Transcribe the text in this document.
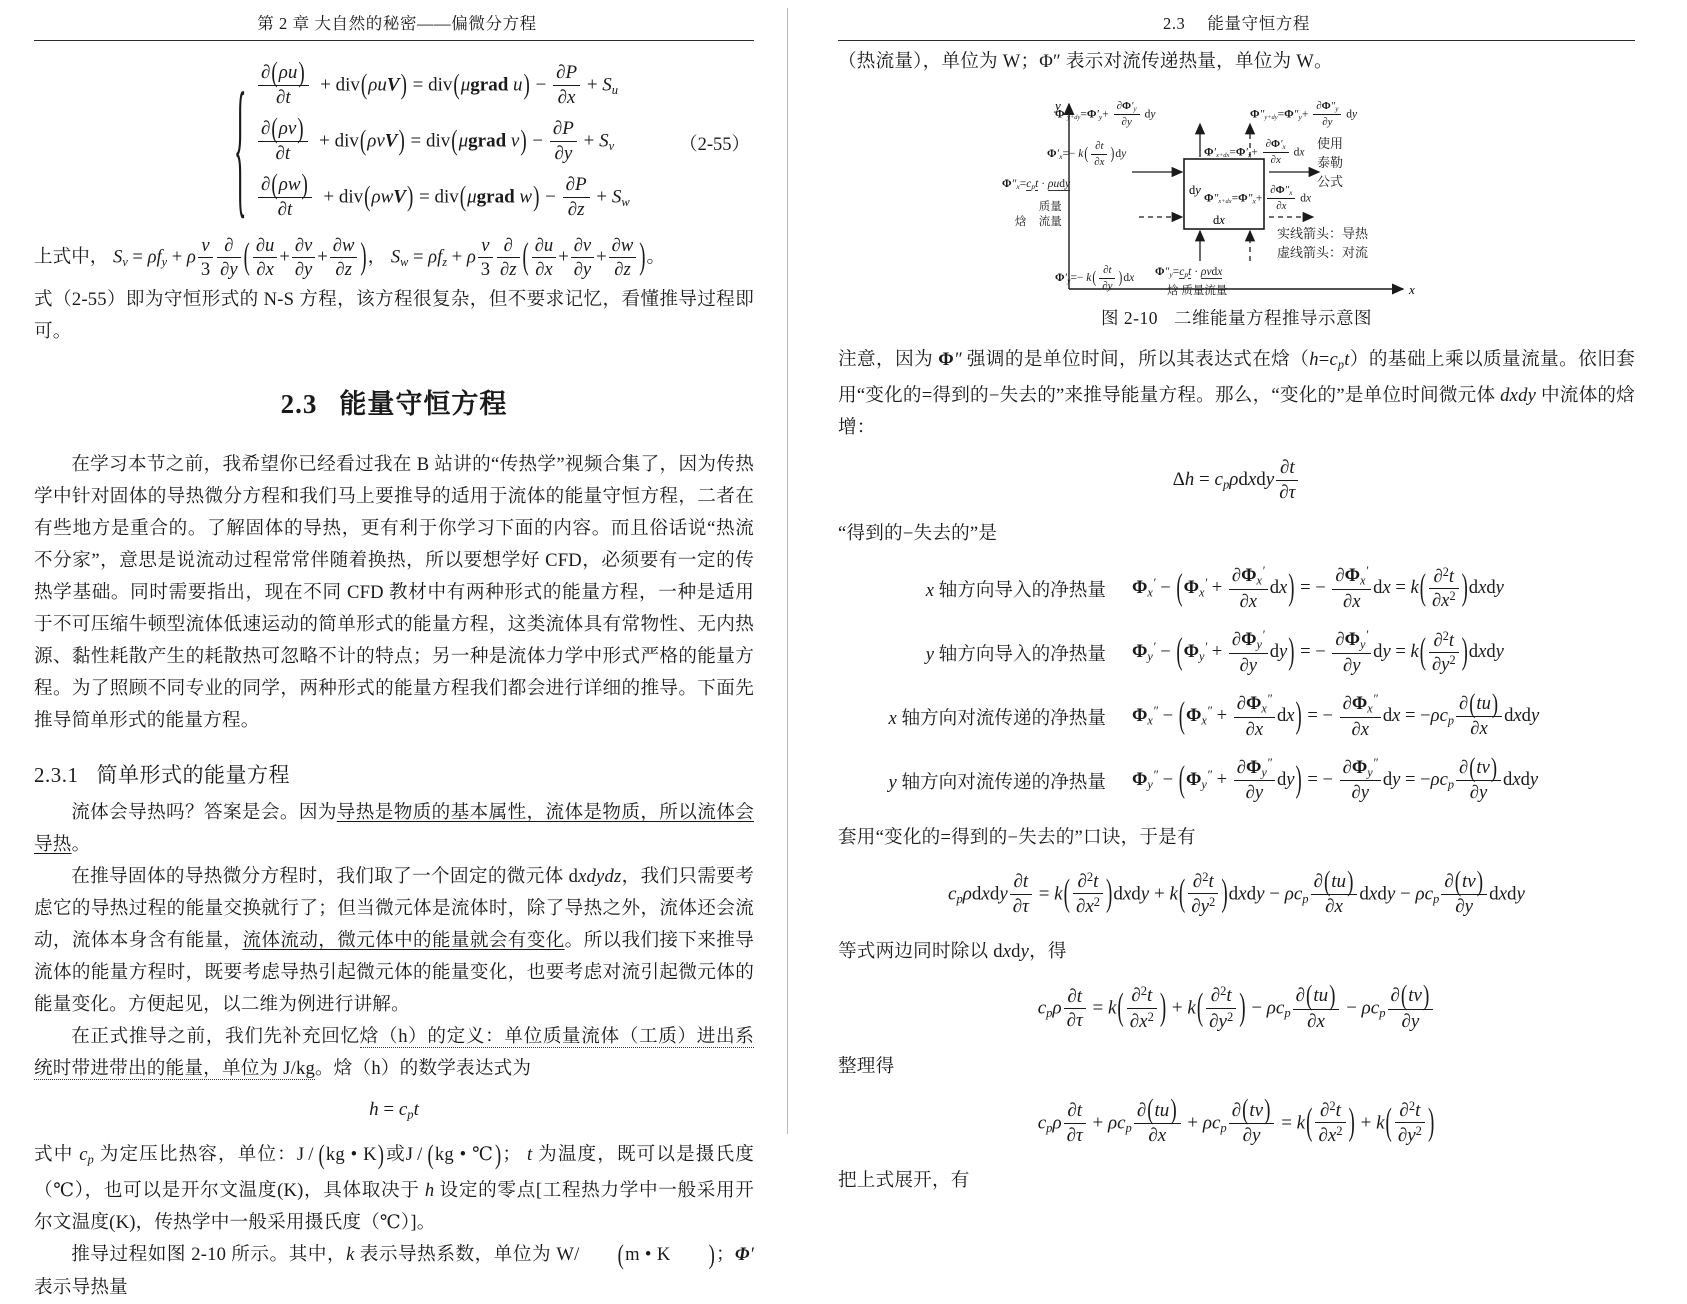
第 2 章 大自然的秘密——偏微分方程
{ $\frac{\partial(\rho u)}{\partial t} + div(\rho uV)$ = div(μgrad $u) - \frac{\partial P}{\partial x} + S_u$
$\frac{\partial(\rho v)}{\partial t} + div(\rho vV)$ = div(μgrad $v) - \frac{\partial P}{\partial y} + S_v$
$\frac{\partial(\rho w)}{\partial t} + div(\rho wV)$ = div(μgrad $w) - \frac{\partial P}{\partial z} + S_w$
（2-55）
上式中， $S_v = \rho f_y + \rho \frac{\nu}{3} \frac{\partial}{\partial y}$ ( $\frac{\partial u}{\partial x} + \frac{\partial v}{\partial y} + \frac{\partial w}{\partial z}$ )， $S_w = \rho f_z + \rho \frac{\nu}{3} \frac{\partial}{\partial z}$ ( $\frac{\partial u}{\partial x} + \frac{\partial v}{\partial y} + \frac{\partial w}{\partial z}$ )。

式（2-55）即为守恒形式的 N-S 方程，该方程很复杂，但不要求记忆，看懂推导过程即可。

2.3 能量守恒方程

在学习本节之前，我希望你已经看过我在 B 站讲的“传热学”视频合集了，因为传热学中针对固体的导热微分方程和我们马上要推导的适用于流体的能量守恒方程，二者在有些地方是重合的。了解固体的导热，更有利于你学习下面的内容。而且俗话说“热流不分家”，意思是说流动过程常常伴随着换热，所以要想学好 CFD，必须要有一定的传热学基础。同时需要指出，现在不同 CFD 教材中有两种形式的能量方程，一种是适用于不可压缩牛顿型流体低速运动的简单形式的能量方程，这类流体具有常物性、无内热源、黏性耗散产生的耗散热可忽略不计的特点；另一种是流体力学中形式严格的能量方程。为了照顾不同专业的同学，两种形式的能量方程我们都会进行详细的推导。下面先推导简单形式的能量方程。

2.3.1 简单形式的能量方程

流体会导热吗？答案是会。因为导热是物质的基本属性，流体是物质，所以流体会导热。

在推导固体的导热微分方程时，我们取了一个固定的微元体 dxdydz，我们只需要考虑它的导热过程的能量交换就行了；但当微元体是流体时，除了导热之外，流体还会流动，流体本身含有能量，流体流动，微元体中的能量就会有变化。所以我们接下来推导流体的能量方程时，既要考虑导热引起微元体的能量变化，也要考虑对流引起微元体的能量变化。方便起见，以二维为例进行讲解。

在正式推导之前，我们先补充回忆焓（h）的定义：单位质量流体（工质）进出系统时带进带出的能量，单位为 J/kg。焓（h）的数学表达式为

$h = c_pt$

式中 $c_p$ 为定压比热容，单位：J / (kg • K)或J / (kg • ℃)； t 为温度，既可以是摄氏度（℃），也可以是开尔文温度(K)，具体取决于 h 设定的零点[工程热力学中一般采用开尔文温度(K)，传热学中一般采用摄氏度（℃）]。

推导过程如图 2-10 所示。其中，k 表示导热系数，单位为 W/ (m • K )；Φ′ 表示导热量

2.3 能量守恒方程

（热流量），单位为 W；Φ″ 表示对流传递热量，单位为 W。

y
x
dy
dx
$\Phi'_{y+dy}=\Phi'_y+ \frac{\partial\Phi'_y}{\partial y}$ dy	$\Phi''_{y+dy}=\Phi''_y+ \frac{\partial\Phi''_y}{\partial y}$ dy
$\Phi'_x=- k( \frac{\partial t}{\partial x} )dy$
$\Phi''_x=c_pt \cdot \rho udy$
焓  质量
流量
$\Phi'_{x+dx}=\Phi'_x+ \frac{\partial\Phi'_x}{\partial x}$ dx
$\Phi''_{x+dx}=\Phi''_x+ \frac{\partial\Phi''_x}{\partial x}$ dx
$\Phi'_y=- k( \frac{\partial t}{\partial y} )dx$
$\Phi''_y=c_pt \cdot \rho vdx$
焓 质量流量
使用
泰勒
公式
实线箭头：导热
虚线箭头：对流
图 2-10 二维能量方程推导示意图

注意，因为 Φ″ 强调的是单位时间，所以其表达式在焓$(h=c_pt)$的基础上乘以质量流量。依旧套用“变化的=得到的−失去的”来推导能量方程。那么，“变化的”是单位时间微元体 dxdy 中流体的焓增：

$\Delta h = c_p\rho dxdy \frac{\partial t}{\partial\tau}$

“得到的−失去的”是

x 轴方向导入的净热量	$\Phi_x' - (\Phi_x' + \frac{\partial\Phi_x'}{\partial x} dx)$ = − $\frac{\partial\Phi_x'}{\partial x}$ dx = $k( \frac{\partial^2t}{\partial x^2}$ )dxdy
y 轴方向导入的净热量	$\Phi_y' - (\Phi_y' + \frac{\partial\Phi_y'}{\partial y} dy)$ = − $\frac{\partial\Phi_y'}{\partial y}$ dy = $k( \frac{\partial^2t}{\partial y^2}$ )dxdy
x 轴方向对流传递的净热量	$\Phi_x'' - (\Phi_x'' + \frac{\partial\Phi_x''}{\partial x} dx)$ = − $\frac{\partial\Phi_x''}{\partial x}$ dx = $-\rho c_p \frac{\partial(tu)}{\partial x}$ dxdy
y 轴方向对流传递的净热量	$\Phi_y'' - (\Phi_y'' + \frac{\partial\Phi_y''}{\partial y} dy)$ = − $\frac{\partial\Phi_y''}{\partial y}$ dy = $-\rho c_p \frac{\partial(tv)}{\partial y}$ dxdy

套用“变化的=得到的−失去的”口诀，于是有

$c_p\rho dxdy \frac{\partial t}{\partial\tau} = k( \frac{\partial^2t}{\partial x^2}$ )dxdy + $k( \frac{\partial^2t}{\partial y^2}$ )dxdy − $\rho c_p \frac{\partial(tu)}{\partial x}$ dxdy − $\rho c_p \frac{\partial(tv)}{\partial y}$ dxdy

等式两边同时除以 dxdy，得

$c_p\rho \frac{\partial t}{\partial\tau} = k( \frac{\partial^2t}{\partial x^2}$ ) + $k( \frac{\partial^2t}{\partial y^2}$ ) − $\rho c_p \frac{\partial(tu)}{\partial x} - \rho c_p \frac{\partial(tv)}{\partial y}$

整理得

$c_p\rho \frac{\partial t}{\partial\tau} + \rho c_p \frac{\partial(tu)}{\partial x} + \rho c_p \frac{\partial(tv)}{\partial y} = k( \frac{\partial^2t}{\partial x^2}$ ) + $k( \frac{\partial^2t}{\partial y^2}$ )

把上式展开，有
